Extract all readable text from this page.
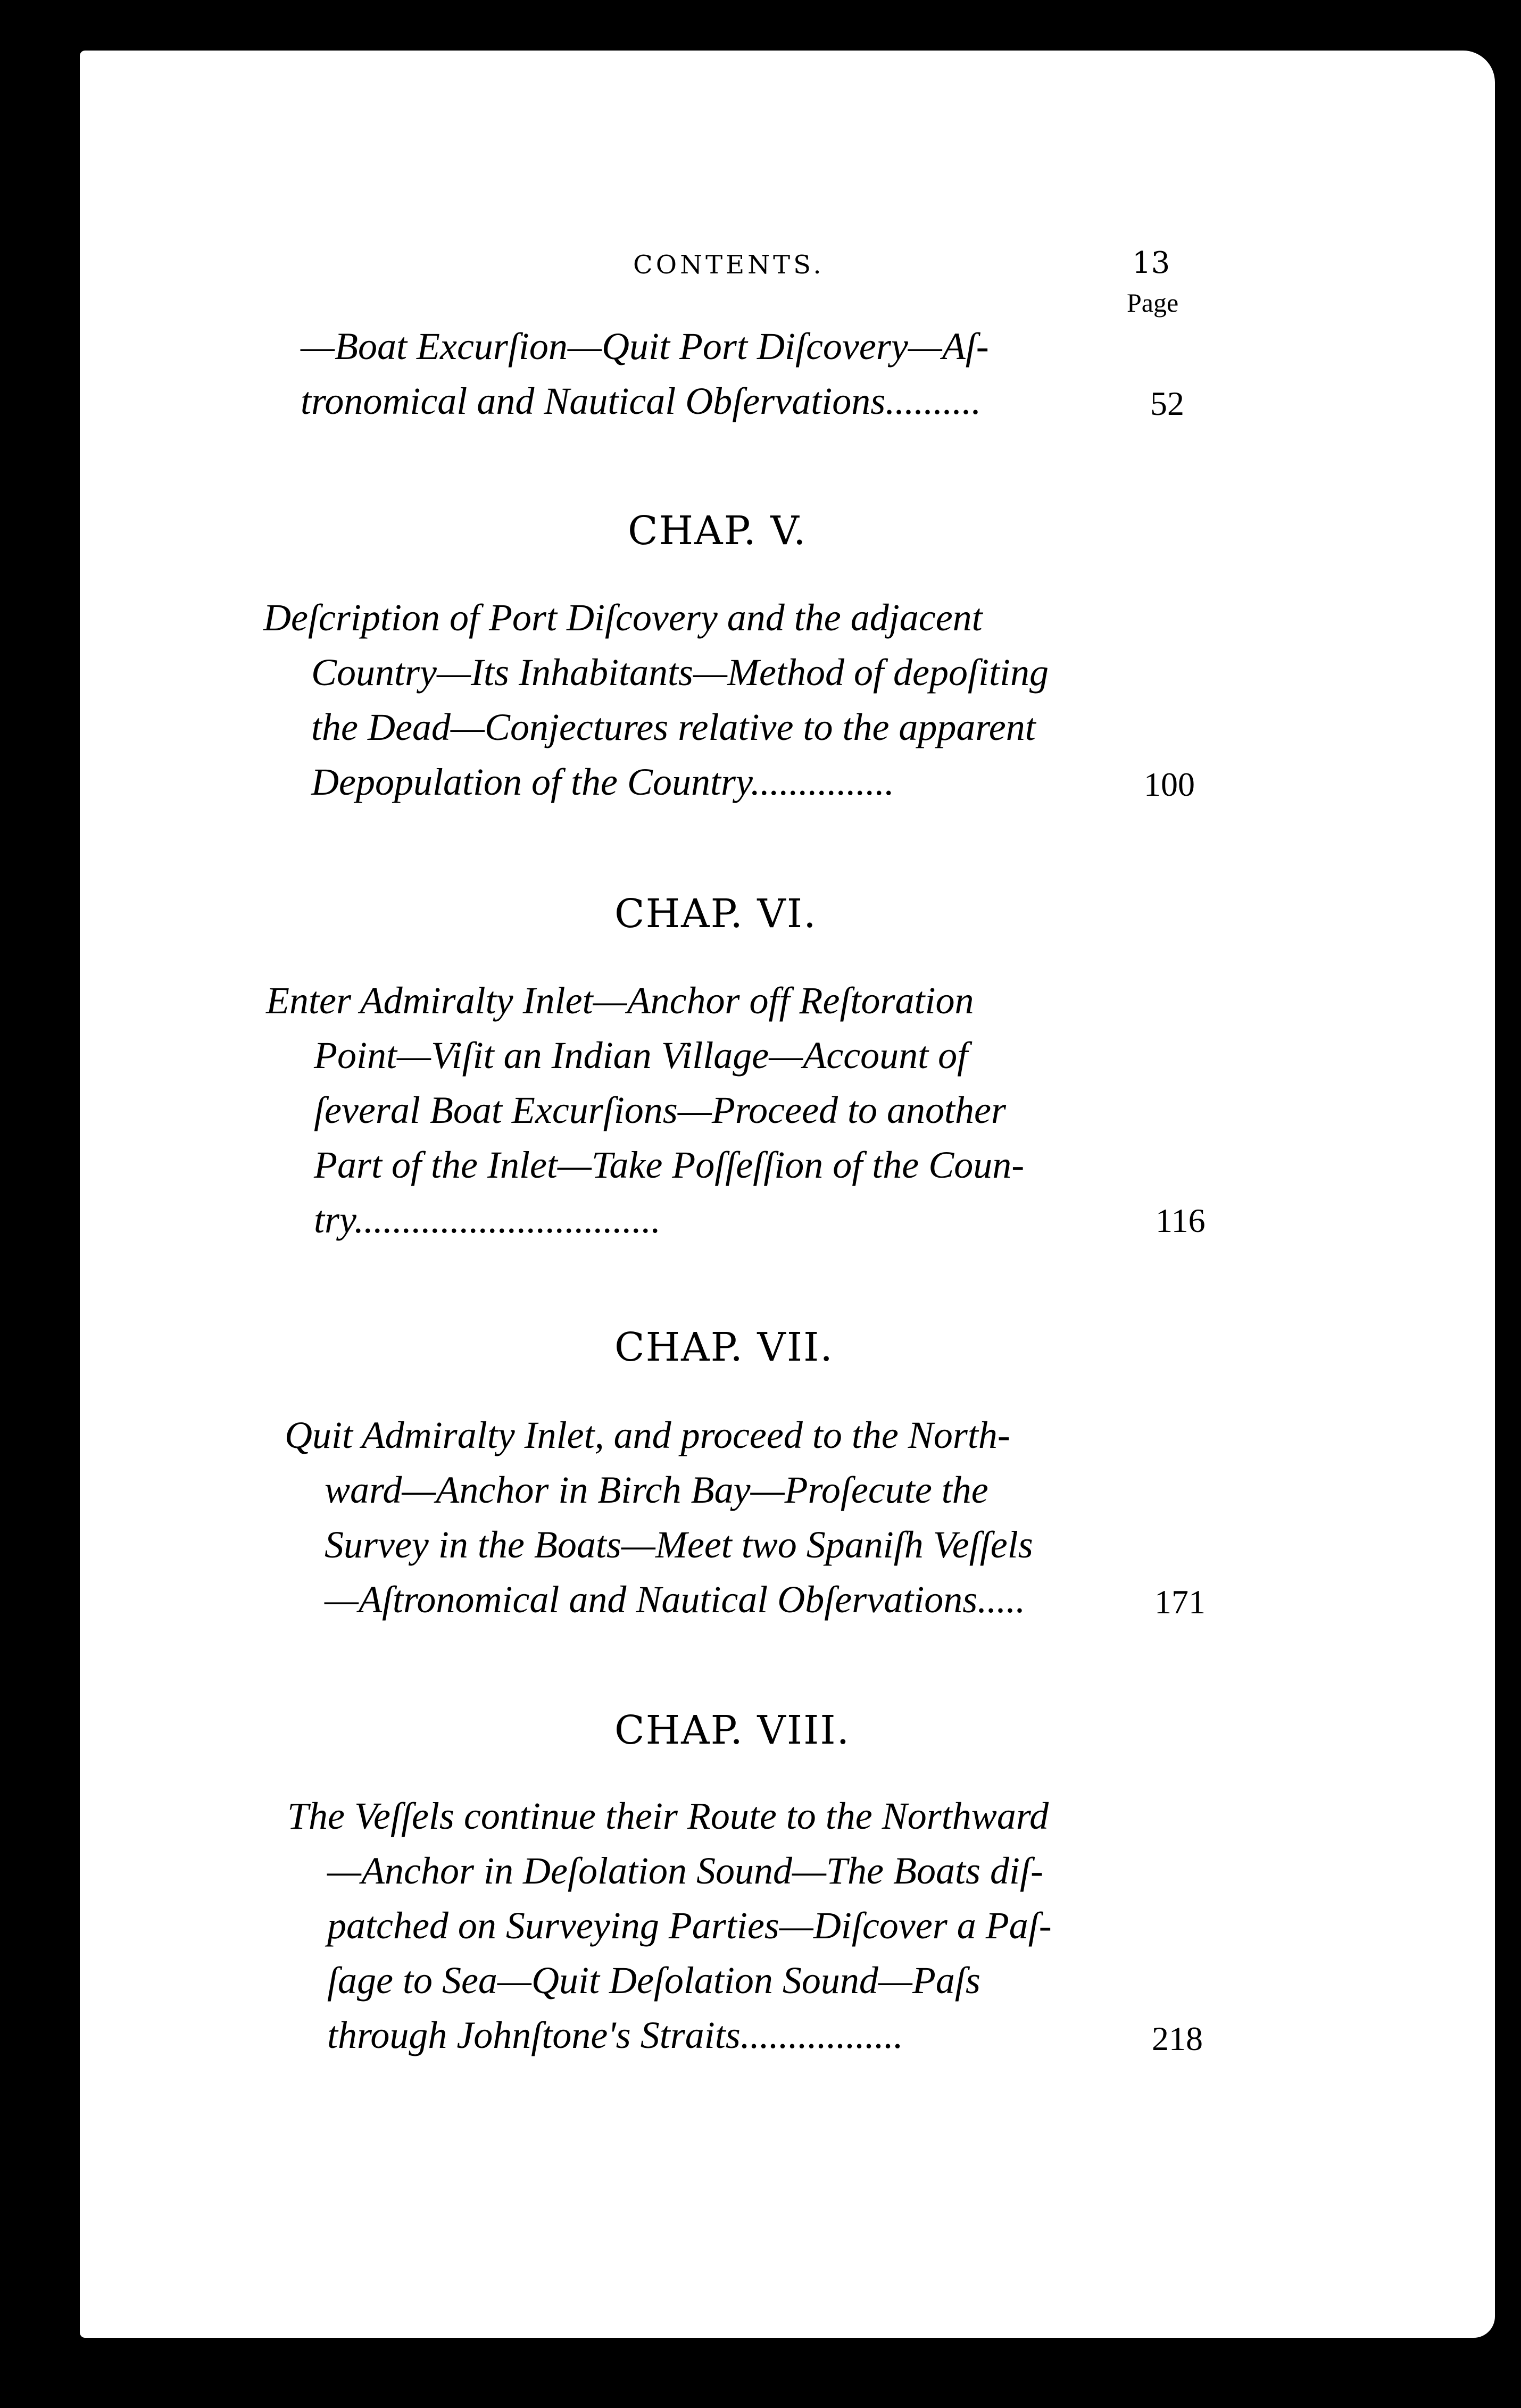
CONTENTS.	13
Page
—Boat Excurſion—Quit Port Diſcovery—Aſ-
tronomical and Nautical Obſervations..........	52
CHAP. V.
Deſcription of Port Diſcovery and the adjacent
Country—Its Inhabitants—Method of depoſiting
the Dead—Conjectures relative to the apparent
Depopulation of the Country...............	100
CHAP. VI.
Enter Admiralty Inlet—Anchor off Reſtoration
Point—Viſit an Indian Village—Account of
ſeveral Boat Excurſions—Proceed to another
Part of the Inlet—Take Poſſeſſion of the Coun-
try................................	116
CHAP. VII.
Quit Admiralty Inlet, and proceed to the North-
ward—Anchor in Birch Bay—Proſecute the
Survey in the Boats—Meet two Spaniſh Veſſels
—Aſtronomical and Nautical Obſervations.....	171
CHAP. VIII.
The Veſſels continue their Route to the Northward
—Anchor in Deſolation Sound—The Boats diſ-
patched on Surveying Parties—Diſcover a Paſ-
ſage to Sea—Quit Deſolation Sound—Paſs
through Johnſtone's Straits.................	218
